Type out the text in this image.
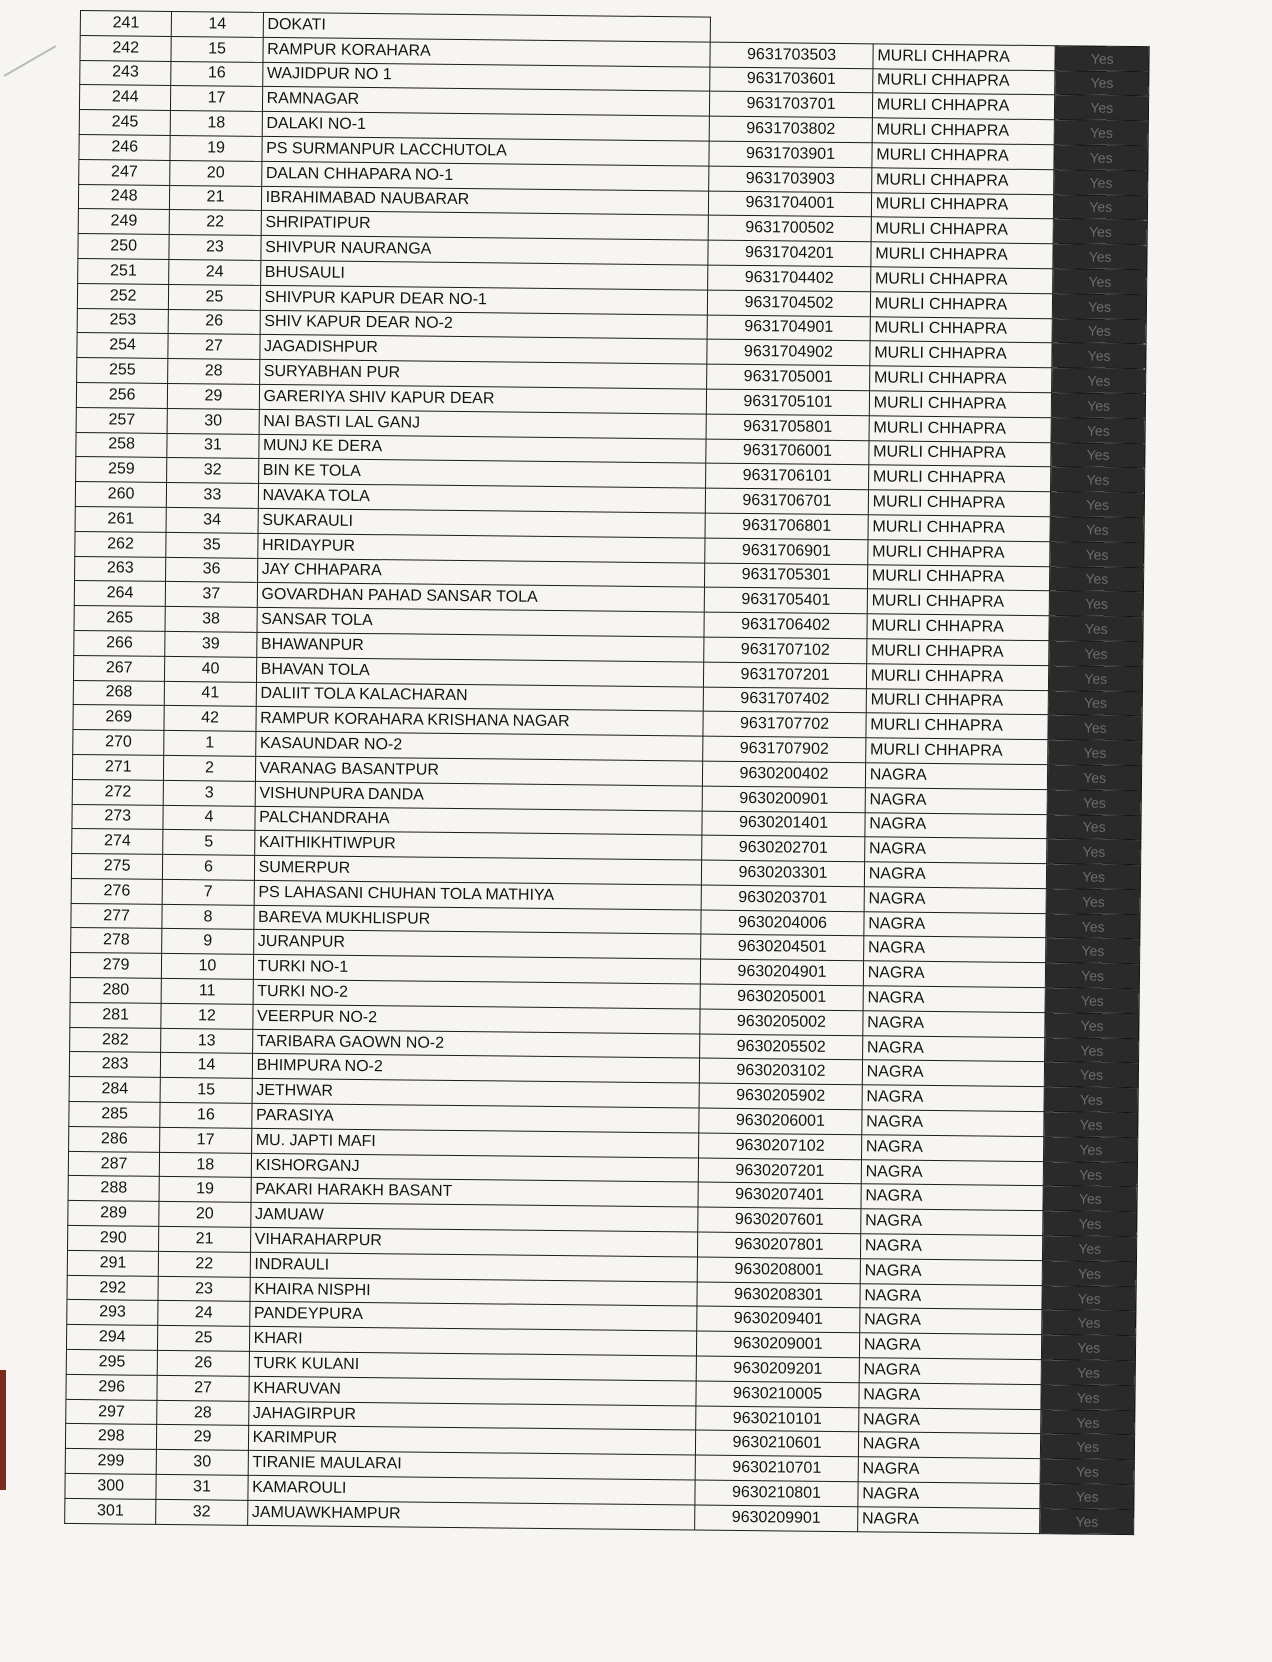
241	14	DOKATI			
242	15	RAMPUR KORAHARA	9631703503	MURLI CHHAPRA	Yes
243	16	WAJIDPUR NO 1	9631703601	MURLI CHHAPRA	Yes
244	17	RAMNAGAR	9631703701	MURLI CHHAPRA	Yes
245	18	DALAKI NO-1	9631703802	MURLI CHHAPRA	Yes
246	19	PS SURMANPUR LACCHUTOLA	9631703901	MURLI CHHAPRA	Yes
247	20	DALAN CHHAPARA NO-1	9631703903	MURLI CHHAPRA	Yes
248	21	IBRAHIMABAD NAUBARAR	9631704001	MURLI CHHAPRA	Yes
249	22	SHRIPATIPUR	9631700502	MURLI CHHAPRA	Yes
250	23	SHIVPUR NAURANGA	9631704201	MURLI CHHAPRA	Yes
251	24	BHUSAULI	9631704402	MURLI CHHAPRA	Yes
252	25	SHIVPUR KAPUR DEAR NO-1	9631704502	MURLI CHHAPRA	Yes
253	26	SHIV KAPUR DEAR NO-2	9631704901	MURLI CHHAPRA	Yes
254	27	JAGADISHPUR	9631704902	MURLI CHHAPRA	Yes
255	28	SURYABHAN PUR	9631705001	MURLI CHHAPRA	Yes
256	29	GARERIYA SHIV KAPUR DEAR	9631705101	MURLI CHHAPRA	Yes
257	30	NAI BASTI LAL GANJ	9631705801	MURLI CHHAPRA	Yes
258	31	MUNJ KE DERA	9631706001	MURLI CHHAPRA	Yes
259	32	BIN KE TOLA	9631706101	MURLI CHHAPRA	Yes
260	33	NAVAKA TOLA	9631706701	MURLI CHHAPRA	Yes
261	34	SUKARAULI	9631706801	MURLI CHHAPRA	Yes
262	35	HRIDAYPUR	9631706901	MURLI CHHAPRA	Yes
263	36	JAY CHHAPARA	9631705301	MURLI CHHAPRA	Yes
264	37	GOVARDHAN PAHAD SANSAR TOLA	9631705401	MURLI CHHAPRA	Yes
265	38	SANSAR TOLA	9631706402	MURLI CHHAPRA	Yes
266	39	BHAWANPUR	9631707102	MURLI CHHAPRA	Yes
267	40	BHAVAN TOLA	9631707201	MURLI CHHAPRA	Yes
268	41	DALIIT TOLA KALACHARAN	9631707402	MURLI CHHAPRA	Yes
269	42	RAMPUR KORAHARA KRISHANA NAGAR	9631707702	MURLI CHHAPRA	Yes
270	1	KASAUNDAR NO-2	9631707902	MURLI CHHAPRA	Yes
271	2	VARANAG BASANTPUR	9630200402	NAGRA	Yes
272	3	VISHUNPURA DANDA	9630200901	NAGRA	Yes
273	4	PALCHANDRAHA	9630201401	NAGRA	Yes
274	5	KAITHIKHTIWPUR	9630202701	NAGRA	Yes
275	6	SUMERPUR	9630203301	NAGRA	Yes
276	7	PS LAHASANI CHUHAN TOLA MATHIYA	9630203701	NAGRA	Yes
277	8	BAREVA MUKHLISPUR	9630204006	NAGRA	Yes
278	9	JURANPUR	9630204501	NAGRA	Yes
279	10	TURKI NO-1	9630204901	NAGRA	Yes
280	11	TURKI NO-2	9630205001	NAGRA	Yes
281	12	VEERPUR NO-2	9630205002	NAGRA	Yes
282	13	TARIBARA GAOWN NO-2	9630205502	NAGRA	Yes
283	14	BHIMPURA NO-2	9630203102	NAGRA	Yes
284	15	JETHWAR	9630205902	NAGRA	Yes
285	16	PARASIYA	9630206001	NAGRA	Yes
286	17	MU. JAPTI MAFI	9630207102	NAGRA	Yes
287	18	KISHORGANJ	9630207201	NAGRA	Yes
288	19	PAKARI HARAKH BASANT	9630207401	NAGRA	Yes
289	20	JAMUAW	9630207601	NAGRA	Yes
290	21	VIHARAHARPUR	9630207801	NAGRA	Yes
291	22	INDRAULI	9630208001	NAGRA	Yes
292	23	KHAIRA NISPHI	9630208301	NAGRA	Yes
293	24	PANDEYPURA	9630209401	NAGRA	Yes
294	25	KHARI	9630209001	NAGRA	Yes
295	26	TURK KULANI	9630209201	NAGRA	Yes
296	27	KHARUVAN	9630210005	NAGRA	Yes
297	28	JAHAGIRPUR	9630210101	NAGRA	Yes
298	29	KARIMPUR	9630210601	NAGRA	Yes
299	30	TIRANIE MAULARAI	9630210701	NAGRA	Yes
300	31	KAMAROULI	9630210801	NAGRA	Yes
301	32	JAMUAWKHAMPUR	9630209901	NAGRA	Yes
